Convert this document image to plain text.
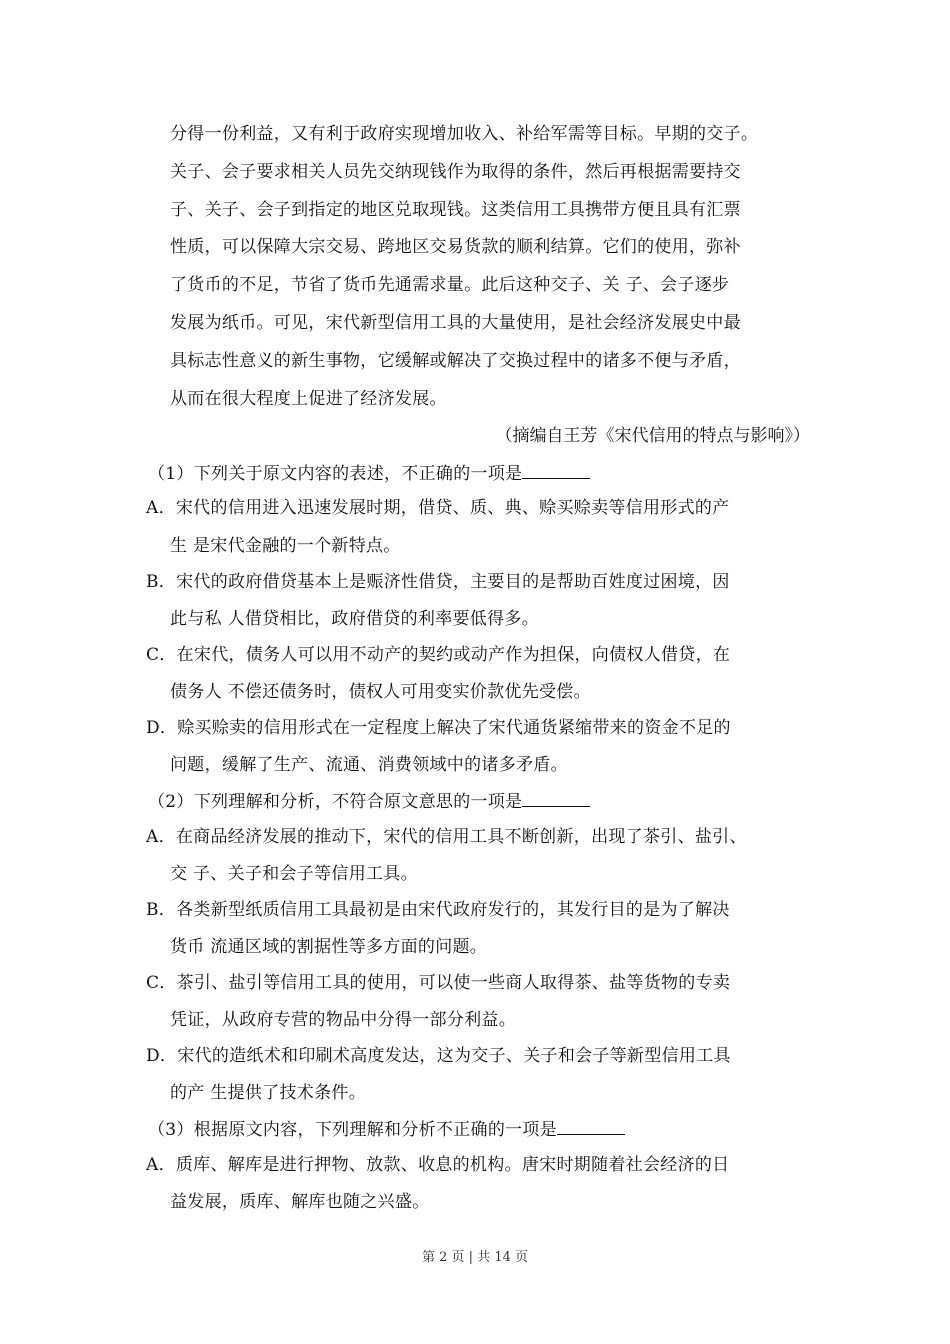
分得一份利益，又有利于政府实现增加收入、补给军需等目标。早期的交子。
关子、会子要求相关人员先交纳现钱作为取得的条件，然后再根据需要持交
子、关子、会子到指定的地区兑取现钱。这类信用工具携带方便且具有汇票
性质，可以保障大宗交易、跨地区交易货款的顺利结算。它们的使用，弥补
了货币的不足，节省了货币先通需求量。此后这种交子、关 子、会子逐步
发展为纸币。可见，宋代新型信用工具的大量使用，是社会经济发展史中最
具标志性意义的新生事物，它缓解或解决了交换过程中的诸多不便与矛盾，
从而在很大程度上促进了经济发展。
（摘编自王芳《宋代信用的特点与影响》）
（1）下列关于原文内容的表述，不正确的一项是
A．宋代的信用进入迅速发展时期，借贷、质、典、赊买赊卖等信用形式的产
生 是宋代金融的一个新特点。
B．宋代的政府借贷基本上是赈济性借贷，主要目的是帮助百姓度过困境，因
此与私 人借贷相比，政府借贷的利率要低得多。
C．在宋代，债务人可以用不动产的契约或动产作为担保，向债权人借贷，在
债务人 不偿还债务时，债权人可用变实价款优先受偿。
D．赊买赊卖的信用形式在一定程度上解决了宋代通货紧缩带来的资金不足的
问题，缓解了生产、流通、消费领域中的诸多矛盾。
（2）下列理解和分析，不符合原文意思的一项是
A．在商品经济发展的推动下，宋代的信用工具不断创新，出现了茶引、盐引、
交 子、关子和会子等信用工具。
B．各类新型纸质信用工具最初是由宋代政府发行的，其发行目的是为了解决
货币 流通区域的割据性等多方面的问题。
C．茶引、盐引等信用工具的使用，可以使一些商人取得茶、盐等货物的专卖
凭证，从政府专营的物品中分得一部分利益。
D．宋代的造纸术和印刷术高度发达，这为交子、关子和会子等新型信用工具
的产 生提供了技术条件。
（3）根据原文内容，下列理解和分析不正确的一项是
A．质库、解库是进行押物、放款、收息的机构。唐宋时期随着社会经济的日
益发展，质库、解库也随之兴盛。
第 2 页 | 共 14 页
